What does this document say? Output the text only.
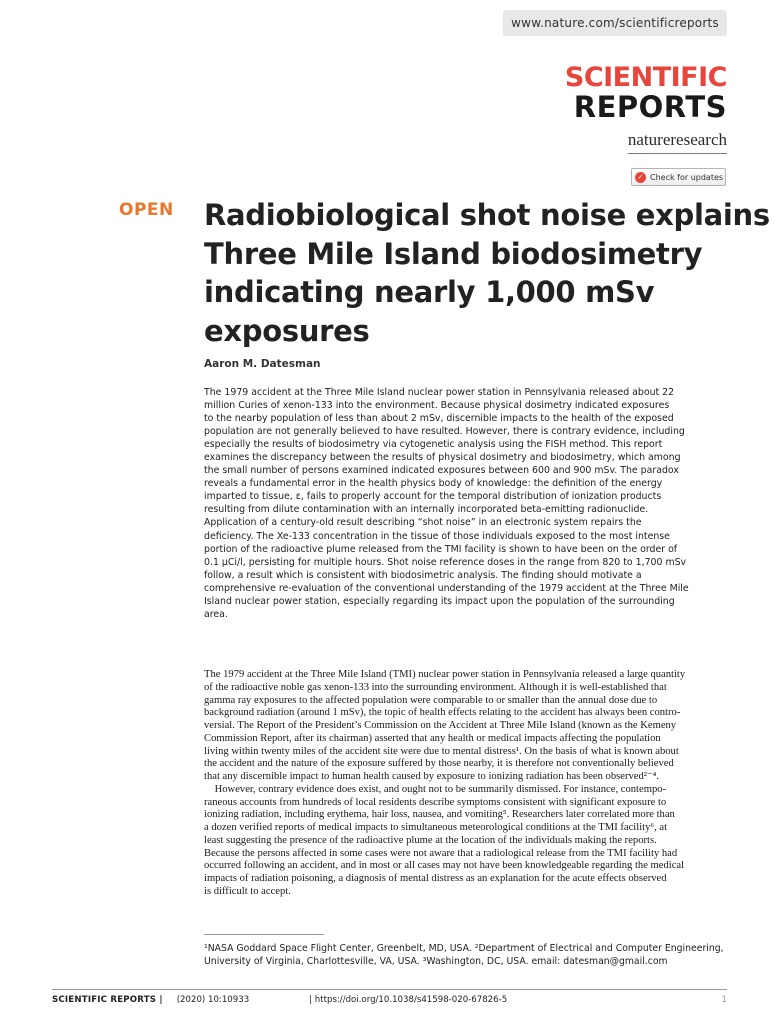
www.nature.com/scientificreports
SCIENTIFIC
REPORTS
natureresearch
✓ Check for updates
OPEN Radiobiological shot noise explains
Three Mile Island biodosimetry
indicating nearly 1,000 mSv
exposures
Aaron M. Datesman
The 1979 accident at the Three Mile Island nuclear power station in Pennsylvania released about 22
million Curies of xenon-133 into the environment. Because physical dosimetry indicated exposures
to the nearby population of less than about 2 mSv, discernible impacts to the health of the exposed
population are not generally believed to have resulted. However, there is contrary evidence, including
especially the results of biodosimetry via cytogenetic analysis using the FISH method. This report
examines the discrepancy between the results of physical dosimetry and biodosimetry, which among
the small number of persons examined indicated exposures between 600 and 900 mSv. The paradox
reveals a fundamental error in the health physics body of knowledge: the definition of the energy
imparted to tissue, ε, fails to properly account for the temporal distribution of ionization products
resulting from dilute contamination with an internally incorporated beta-emitting radionuclide.
Application of a century-old result describing “shot noise” in an electronic system repairs the
deficiency. The Xe-133 concentration in the tissue of those individuals exposed to the most intense
portion of the radioactive plume released from the TMI facility is shown to have been on the order of
0.1 µCi/l, persisting for multiple hours. Shot noise reference doses in the range from 820 to 1,700 mSv
follow, a result which is consistent with biodosimetric analysis. The finding should motivate a
comprehensive re-evaluation of the conventional understanding of the 1979 accident at the Three Mile
Island nuclear power station, especially regarding its impact upon the population of the surrounding
area.
The 1979 accident at the Three Mile Island (TMI) nuclear power station in Pennsylvania released a large quantity
of the radioactive noble gas xenon-133 into the surrounding environment. Although it is well-established that
gamma ray exposures to the affected population were comparable to or smaller than the annual dose due to
background radiation (around 1 mSv), the topic of health effects relating to the accident has always been contro-
versial. The Report of the President’s Commission on the Accident at Three Mile Island (known as the Kemeny
Commission Report, after its chairman) asserted that any health or medical impacts affecting the population
living within twenty miles of the accident site were due to mental distress¹. On the basis of what is known about
the accident and the nature of the exposure suffered by those nearby, it is therefore not conventionally believed
that any discernible impact to human health caused by exposure to ionizing radiation has been observed²⁻⁴.
However, contrary evidence does exist, and ought not to be summarily dismissed. For instance, contempo-
raneous accounts from hundreds of local residents describe symptoms consistent with significant exposure to
ionizing radiation, including erythema, hair loss, nausea, and vomiting⁵. Researchers later correlated more than
a dozen verified reports of medical impacts to simultaneous meteorological conditions at the TMI facility⁶, at
least suggesting the presence of the radioactive plume at the location of the individuals making the reports.
Because the persons affected in some cases were not aware that a radiological release from the TMI facility had
occurred following an accident, and in most or all cases may not have been knowledgeable regarding the medical
impacts of radiation poisoning, a diagnosis of mental distress as an explanation for the acute effects observed
is difficult to accept.
¹NASA Goddard Space Flight Center, Greenbelt, MD, USA. ²Department of Electrical and Computer Engineering,
University of Virginia, Charlottesville, VA, USA. ³Washington, DC, USA. email: datesman@gmail.com
SCIENTIFIC REPORTS | (2020) 10:10933	| https://doi.org/10.1038/s41598-020-67826-5	1
